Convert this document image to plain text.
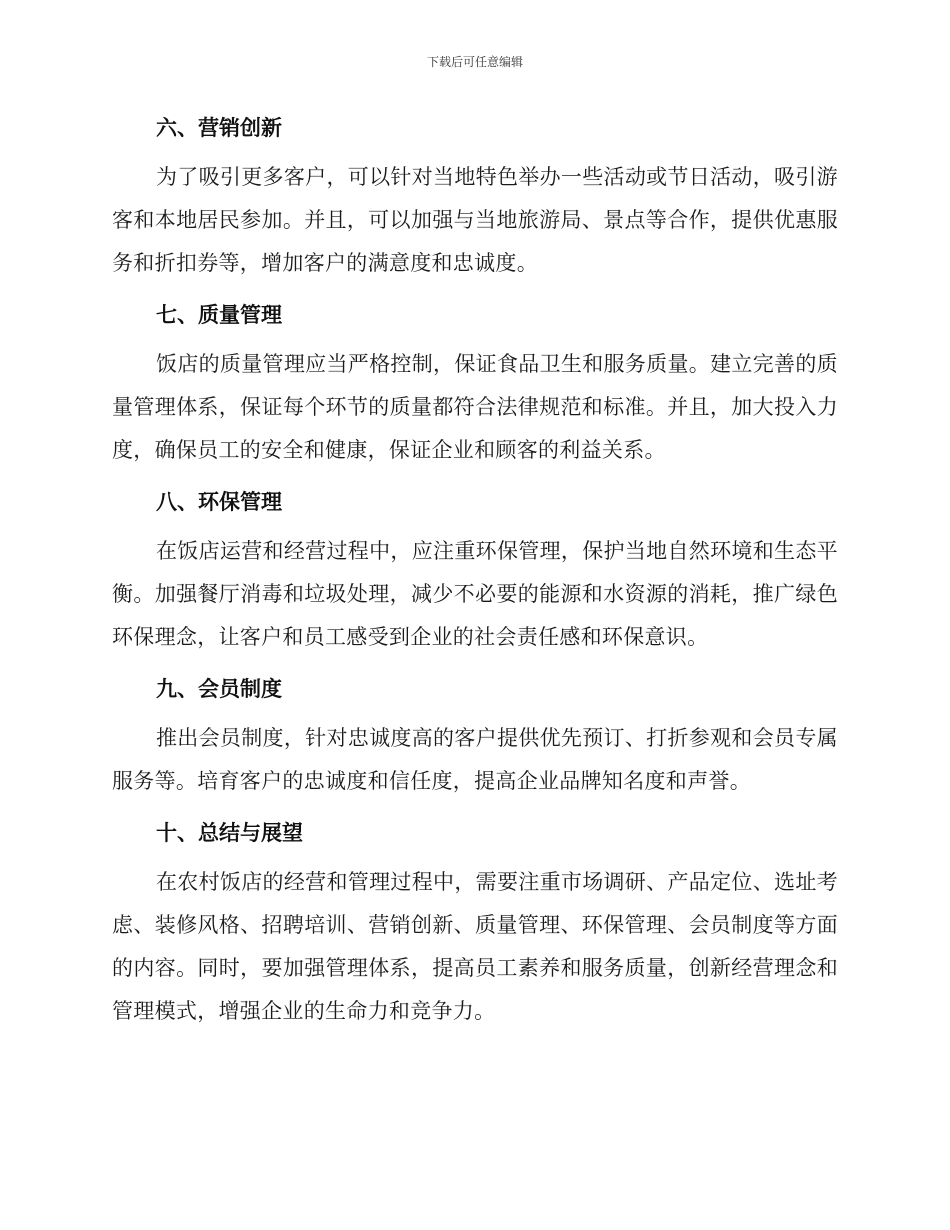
下载后可任意编辑
六、营销创新

为了吸引更多客户，可以针对当地特色举办一些活动或节日活动，吸引游客和本地居民参加。并且，可以加强与当地旅游局、景点等合作，提供优惠服务和折扣券等，增加客户的满意度和忠诚度。

七、质量管理

饭店的质量管理应当严格控制，保证食品卫生和服务质量。建立完善的质量管理体系，保证每个环节的质量都符合法律规范和标准。并且，加大投入力度，确保员工的安全和健康，保证企业和顾客的利益关系。

八、环保管理

在饭店运营和经营过程中，应注重环保管理，保护当地自然环境和生态平衡。加强餐厅消毒和垃圾处理，减少不必要的能源和水资源的消耗，推广绿色环保理念，让客户和员工感受到企业的社会责任感和环保意识。

九、会员制度

推出会员制度，针对忠诚度高的客户提供优先预订、打折参观和会员专属服务等。培育客户的忠诚度和信任度，提高企业品牌知名度和声誉。

十、总结与展望

在农村饭店的经营和管理过程中，需要注重市场调研、产品定位、选址考虑、装修风格、招聘培训、营销创新、质量管理、环保管理、会员制度等方面的内容。同时，要加强管理体系，提高员工素养和服务质量，创新经营理念和管理模式，增强企业的生命力和竞争力。
